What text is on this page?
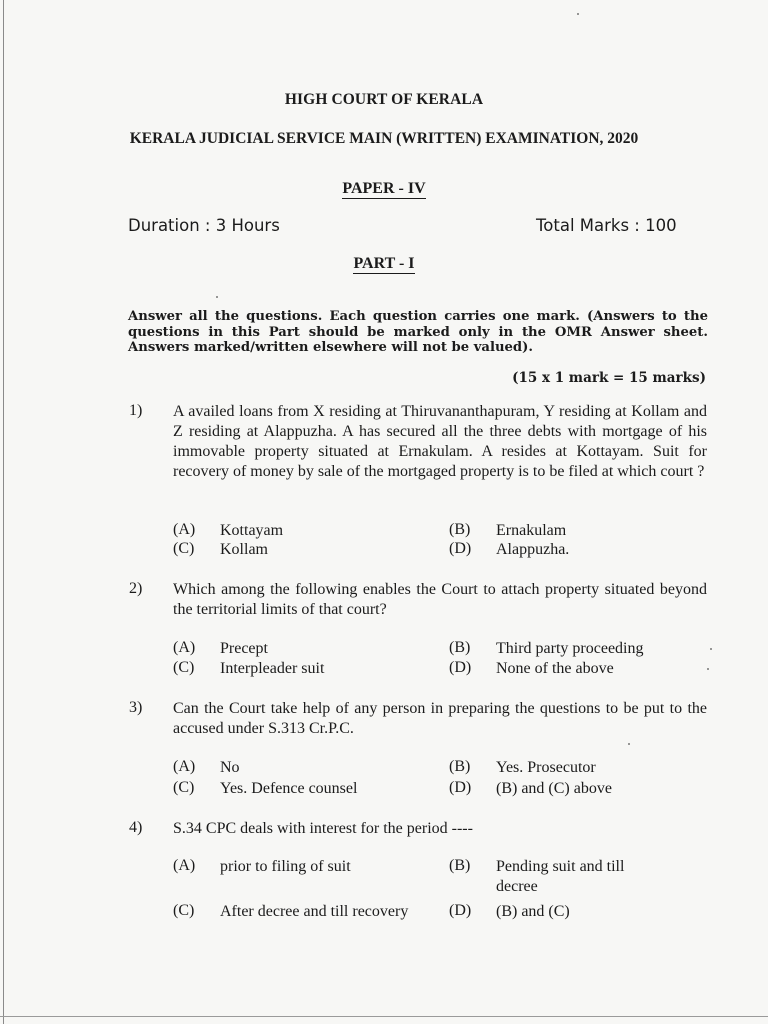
HIGH COURT OF KERALA
KERALA JUDICIAL SERVICE MAIN (WRITTEN) EXAMINATION, 2020
PAPER - IV
Duration : 3 Hours	Total Marks : 100
PART - I
Answer all the questions. Each question carries one mark. (Answers to the questions in this Part should be marked only in the OMR Answer sheet. Answers marked/written elsewhere will not be valued).
(15 x 1 mark = 15 marks)
1) A availed loans from X residing at Thiruvananthapuram, Y residing at Kollam and Z residing at Alappuzha. A has secured all the three debts with mortgage of his immovable property situated at Ernakulam. A resides at Kottayam. Suit for recovery of money by sale of the mortgaged property is to be filed at which court ?
(A) Kottayam	(B) Ernakulam
(C) Kollam	(D) Alappuzha.
2) Which among the following enables the Court to attach property situated beyond the territorial limits of that court?
(A) Precept	(B) Third party proceeding
(C) Interpleader suit	(D) None of the above
3) Can the Court take help of any person in preparing the questions to be put to the accused under S.313 Cr.P.C.
(A) No	(B) Yes. Prosecutor
(C) Yes. Defence counsel	(D) (B) and (C) above
4) S.34 CPC deals with interest for the period ----
(A) prior to filing of suit	(B) Pending suit and till decree
(C) After decree and till recovery	(D) (B) and (C)
